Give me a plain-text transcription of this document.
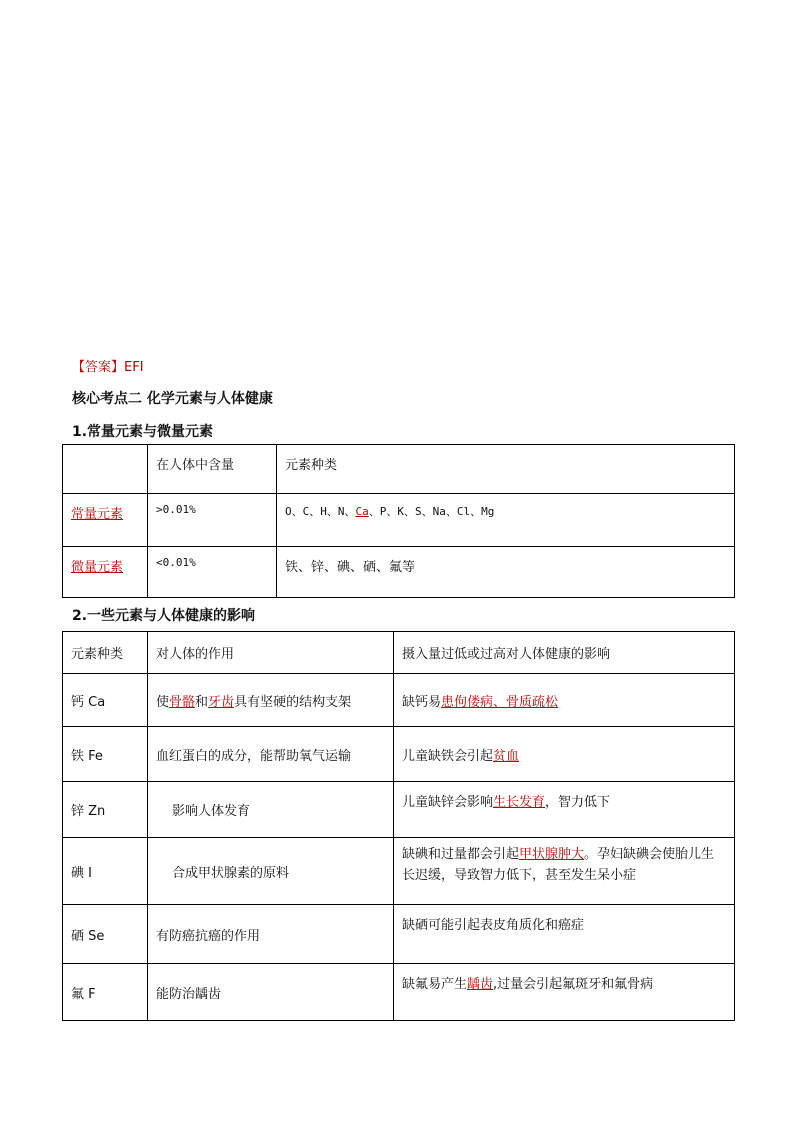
【答案】EFI
核心考点二 化学元素与人体健康
1.常量元素与微量元素
	在人体中含量	元素种类
常量元素	>0.01%	O、C、H、N、Ca、P、K、S、Na、Cl、Mg
微量元素	<0.01%	铁、锌、碘、硒、氟等
2.一些元素与人体健康的影响
元素种类	对人体的作用	摄入量过低或过高对人体健康的影响
钙 Ca	使骨骼和牙齿具有坚硬的结构支架	缺钙易患佝偻病、骨质疏松
铁 Fe	血红蛋白的成分，能帮助氧气运输	儿童缺铁会引起贫血
锌 Zn	影响人体发育	儿童缺锌会影响生长发育，智力低下
碘 I	合成甲状腺素的原料	缺碘和过量都会引起甲状腺肿大。孕妇缺碘会使胎儿生长迟缓，导致智力低下，甚至发生呆小症
硒 Se	有防癌抗癌的作用	缺硒可能引起表皮角质化和癌症
氟 F	能防治龋齿	缺氟易产生龋齿,过量会引起氟斑牙和氟骨病
